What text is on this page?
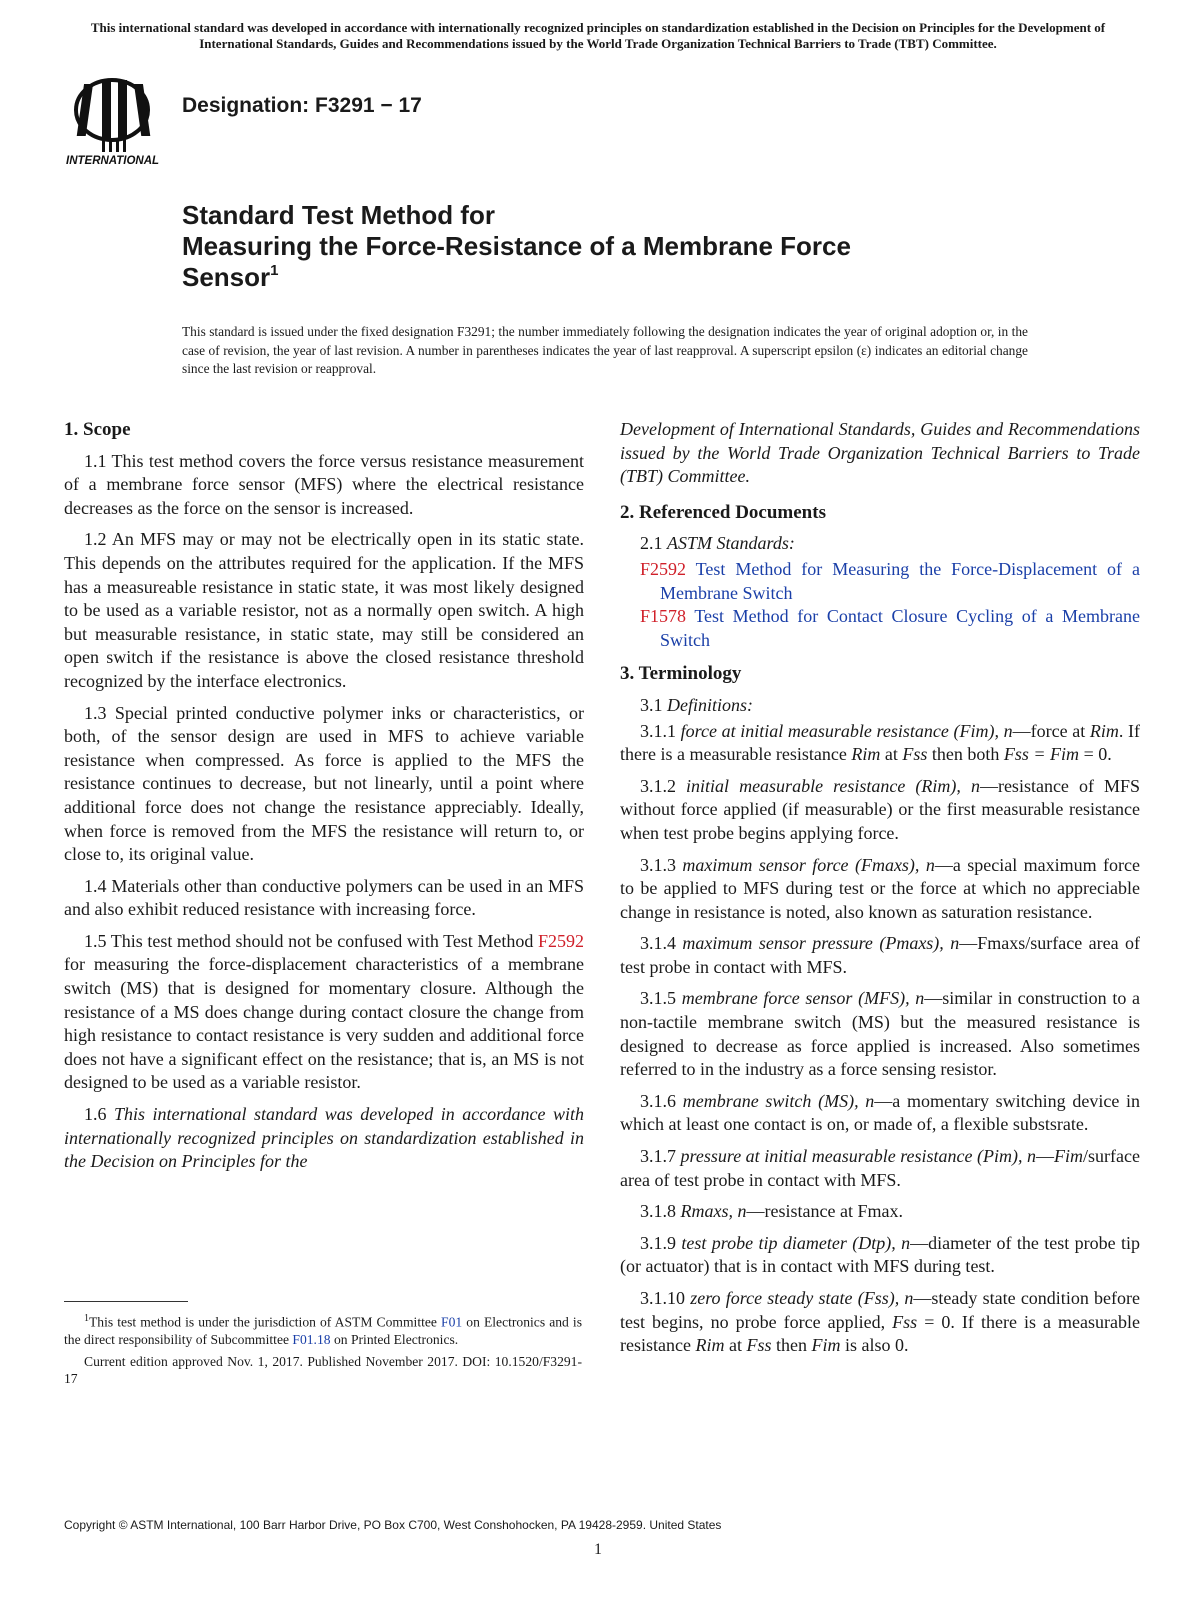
This international standard was developed in accordance with internationally recognized principles on standardization established in the Decision on Principles for the Development of International Standards, Guides and Recommendations issued by the World Trade Organization Technical Barriers to Trade (TBT) Committee.
INTERNATIONAL
Designation: F3291 − 17
Standard Test Method for
Measuring the Force-Resistance of a Membrane Force
Sensor$^1$
This standard is issued under the fixed designation F3291; the number immediately following the designation indicates the year of original adoption or, in the case of revision, the year of last revision. A number in parentheses indicates the year of last reapproval. A superscript epsilon (ε) indicates an editorial change since the last revision or reapproval.
1. Scope

1.1 This test method covers the force versus resistance measurement of a membrane force sensor (MFS) where the electrical resistance decreases as the force on the sensor is increased.

1.2 An MFS may or may not be electrically open in its static state. This depends on the attributes required for the application. If the MFS has a measureable resistance in static state, it was most likely designed to be used as a variable resistor, not as a normally open switch. A high but measurable resistance, in static state, may still be considered an open switch if the resistance is above the closed resistance threshold recognized by the interface electronics.

1.3 Special printed conductive polymer inks or characteristics, or both, of the sensor design are used in MFS to achieve variable resistance when compressed. As force is applied to the MFS the resistance continues to decrease, but not linearly, until a point where additional force does not change the resistance appreciably. Ideally, when force is removed from the MFS the resistance will return to, or close to, its original value.

1.4 Materials other than conductive polymers can be used in an MFS and also exhibit reduced resistance with increasing force.

1.5 This test method should not be confused with Test Method F2592 for measuring the force-displacement characteristics of a membrane switch (MS) that is designed for momentary closure. Although the resistance of a MS does change during contact closure the change from high resistance to contact resistance is very sudden and additional force does not have a significant effect on the resistance; that is, an MS is not designed to be used as a variable resistor.

1.6 This international standard was developed in accordance with internationally recognized principles on standardization established in the Decision on Principles for the

$^1$This test method is under the jurisdiction of ASTM Committee F01 on Electronics and is the direct responsibility of Subcommittee F01.18 on Printed Electronics.

Current edition approved Nov. 1, 2017. Published November 2017. DOI: 10.1520/F3291-17

Development of International Standards, Guides and Recommendations issued by the World Trade Organization Technical Barriers to Trade (TBT) Committee.

2. Referenced Documents

2.1 ASTM Standards:

F2592 Test Method for Measuring the Force-Displacement of a Membrane Switch

F1578 Test Method for Contact Closure Cycling of a Membrane Switch

3. Terminology

3.1 Definitions:

3.1.1 force at initial measurable resistance (Fim), n—force at Rim. If there is a measurable resistance Rim at Fss then both Fss = Fim = 0.

3.1.2 initial measurable resistance (Rim), n—resistance of MFS without force applied (if measurable) or the first measurable resistance when test probe begins applying force.

3.1.3 maximum sensor force (Fmaxs), n—a special maximum force to be applied to MFS during test or the force at which no appreciable change in resistance is noted, also known as saturation resistance.

3.1.4 maximum sensor pressure (Pmaxs), n—Fmaxs/surface area of test probe in contact with MFS.

3.1.5 membrane force sensor (MFS), n—similar in construction to a non-tactile membrane switch (MS) but the measured resistance is designed to decrease as force applied is increased. Also sometimes referred to in the industry as a force sensing resistor.

3.1.6 membrane switch (MS), n—a momentary switching device in which at least one contact is on, or made of, a flexible substsrate.

3.1.7 pressure at initial measurable resistance (Pim), n—Fim/surface area of test probe in contact with MFS.

3.1.8 Rmaxs, n—resistance at Fmax.

3.1.9 test probe tip diameter (Dtp), n—diameter of the test probe tip (or actuator) that is in contact with MFS during test.

3.1.10 zero force steady state (Fss), n—steady state condition before test begins, no probe force applied, Fss = 0. If there is a measurable resistance Rim at Fss then Fim is also 0.

Copyright © ASTM International, 100 Barr Harbor Drive, PO Box C700, West Conshohocken, PA 19428-2959. United States
1
